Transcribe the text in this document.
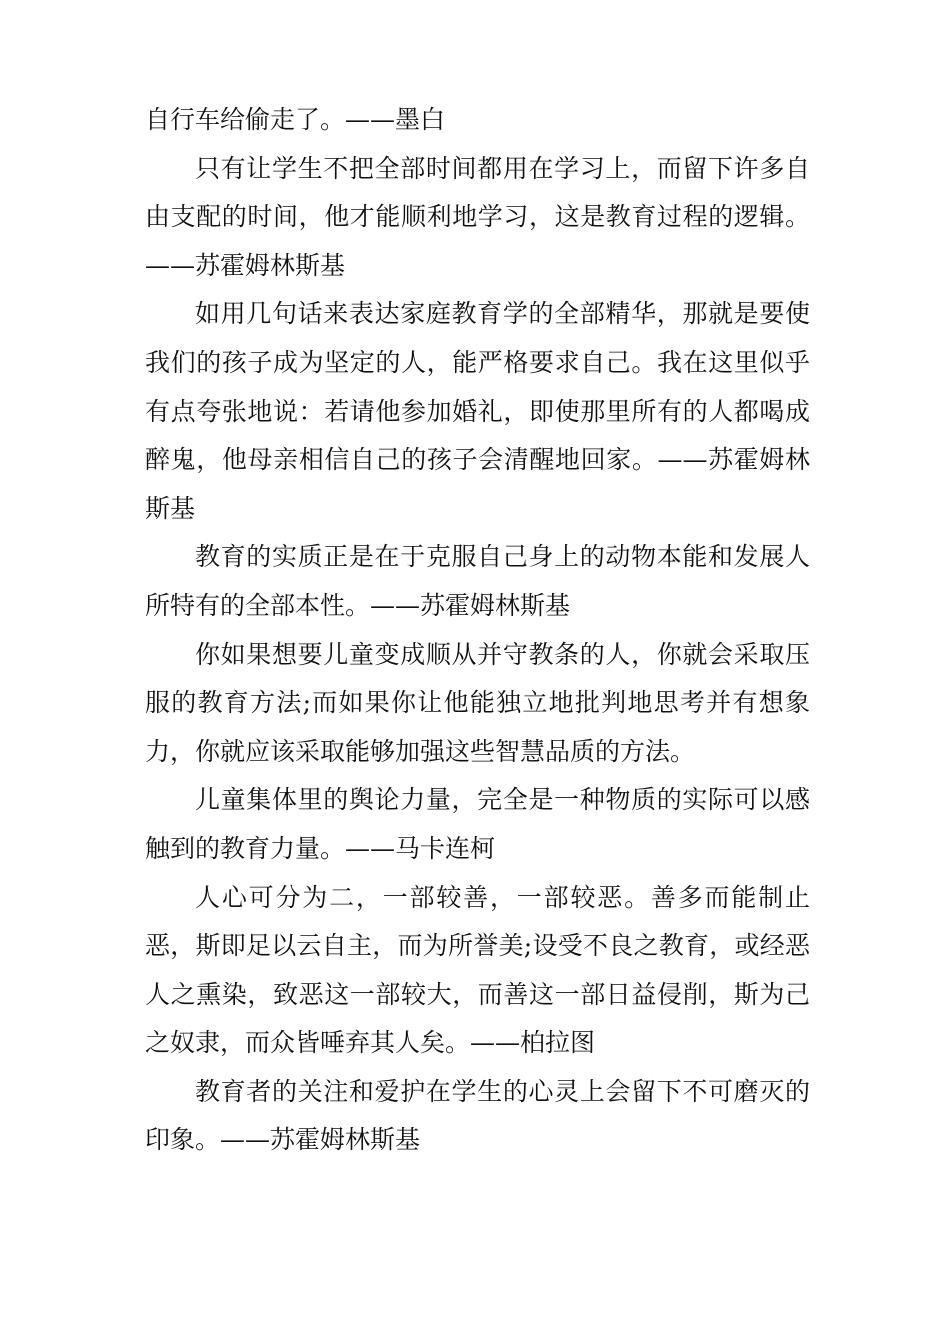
自行车给偷走了。——墨白

只有让学生不把全部时间都用在学习上，而留下许多自由支配的时间，他才能顺利地学习，这是教育过程的逻辑。——苏霍姆林斯基

如用几句话来表达家庭教育学的全部精华，那就是要使我们的孩子成为坚定的人，能严格要求自己。我在这里似乎有点夸张地说：若请他参加婚礼，即使那里所有的人都喝成醉鬼，他母亲相信自己的孩子会清醒地回家。——苏霍姆林斯基

教育的实质正是在于克服自己身上的动物本能和发展人所特有的全部本性。——苏霍姆林斯基

你如果想要儿童变成顺从并守教条的人，你就会采取压服的教育方法;而如果你让他能独立地批判地思考并有想象力，你就应该采取能够加强这些智慧品质的方法。

儿童集体里的舆论力量，完全是一种物质的实际可以感触到的教育力量。——马卡连柯

人心可分为二，一部较善，一部较恶。善多而能制止恶，斯即足以云自主，而为所誉美;设受不良之教育，或经恶人之熏染，致恶这一部较大，而善这一部日益侵削，斯为己之奴隶，而众皆唾弃其人矣。——柏拉图

教育者的关注和爱护在学生的心灵上会留下不可磨灭的印象。——苏霍姆林斯基
